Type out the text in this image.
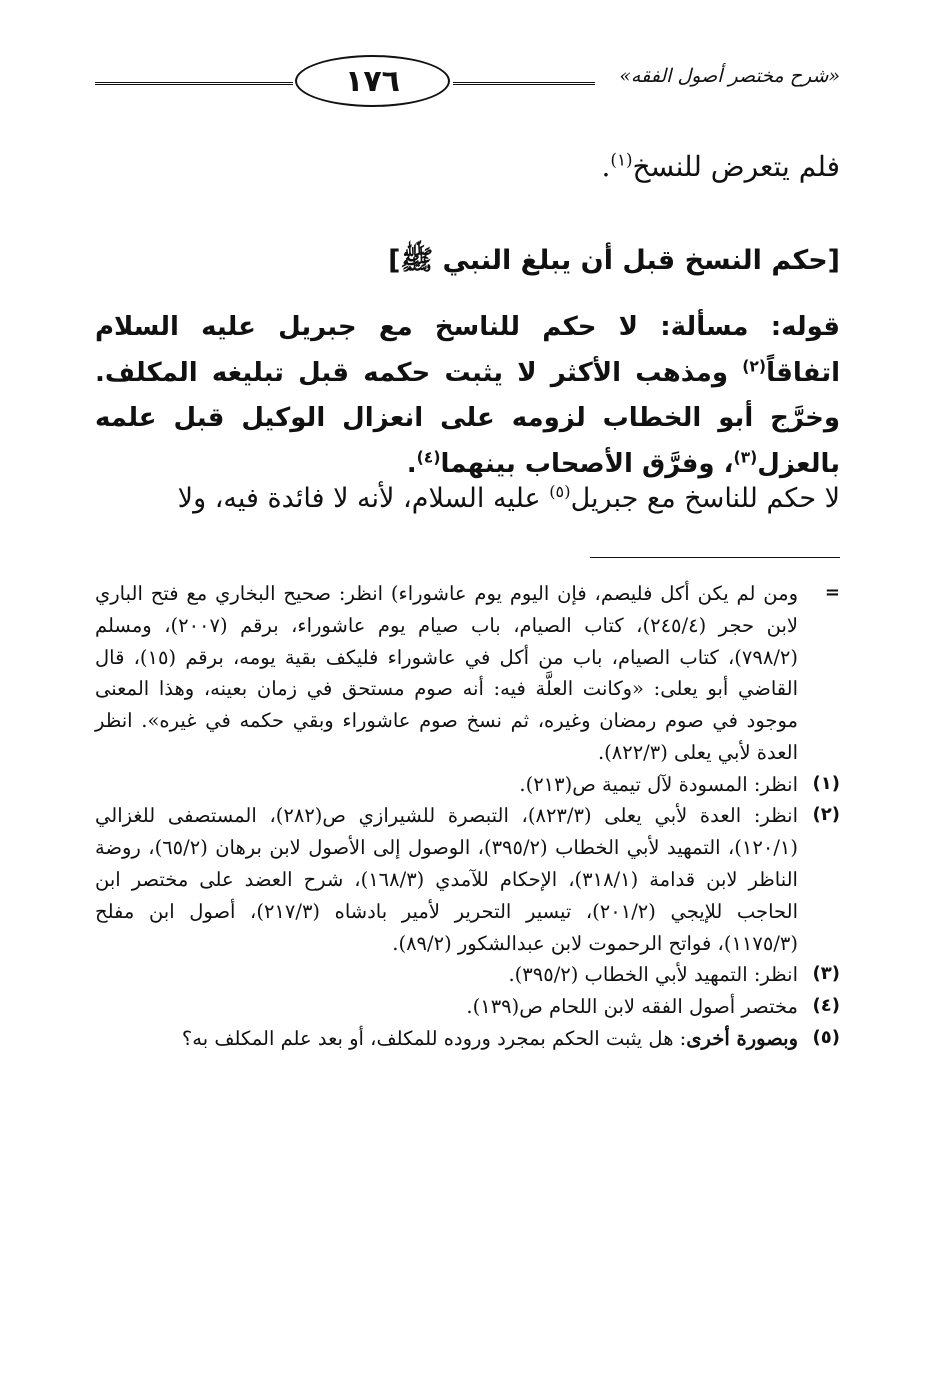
١٧٦	«شرح مختصر أصول الفقه»
فلم يتعرض للنسخ$^{(١)}$.
[حكم النسخ قبل أن يبلغ النبي ﷺ]
قوله: مسألة: لا حكم للناسخ مع جبريل عليه السلام اتفاقاً$^{(٢)}$ ومذهب الأكثر لا يثبت حكمه قبل تبليغه المكلف. وخرَّج أبو الخطاب لزومه على انعزال الوكيل قبل علمه بالعزل$^{(٣)}$، وفرَّق الأصحاب بينهما$^{(٤)}$.
لا حكم للناسخ مع جبريل$^{(٥)}$ عليه السلام، لأنه لا فائدة فيه، ولا
=
ومن لم يكن أكل فليصم، فإن اليوم يوم عاشوراء) انظر: صحيح البخاري مع فتح الباري لابن حجر (٢٤٥/٤)، كتاب الصيام، باب صيام يوم عاشوراء، برقم (٢٠٠٧)، ومسلم (٧٩٨/٢)، كتاب الصيام، باب من أكل في عاشوراء فليكف بقية يومه، برقم (١٥)، قال القاضي أبو يعلى: «وكانت العلَّة فيه: أنه صوم مستحق في زمان بعينه، وهذا المعنى موجود في صوم رمضان وغيره، ثم نسخ صوم عاشوراء وبقي حكمه في غيره». انظر العدة لأبي يعلى (٨٢٢/٣).
(١)
انظر: المسودة لآل تيمية ص(٢١٣).
(٢)
انظر: العدة لأبي يعلى (٨٢٣/٣)، التبصرة للشيرازي ص(٢٨٢)، المستصفى للغزالي (١٢٠/١)، التمهيد لأبي الخطاب (٣٩٥/٢)، الوصول إلى الأصول لابن برهان (٦٥/٢)، روضة الناظر لابن قدامة (٣١٨/١)، الإحكام للآمدي (١٦٨/٣)، شرح العضد على مختصر ابن الحاجب للإيجي (٢٠١/٢)، تيسير التحرير لأمير بادشاه (٢١٧/٣)، أصول ابن مفلح (١١٧٥/٣)، فواتح الرحموت لابن عبدالشكور (٨٩/٢).
(٣)
انظر: التمهيد لأبي الخطاب (٣٩٥/٢).
(٤)
مختصر أصول الفقه لابن اللحام ص(١٣٩).
(٥)
وبصورة أخرى: هل يثبت الحكم بمجرد وروده للمكلف، أو بعد علم المكلف به؟
